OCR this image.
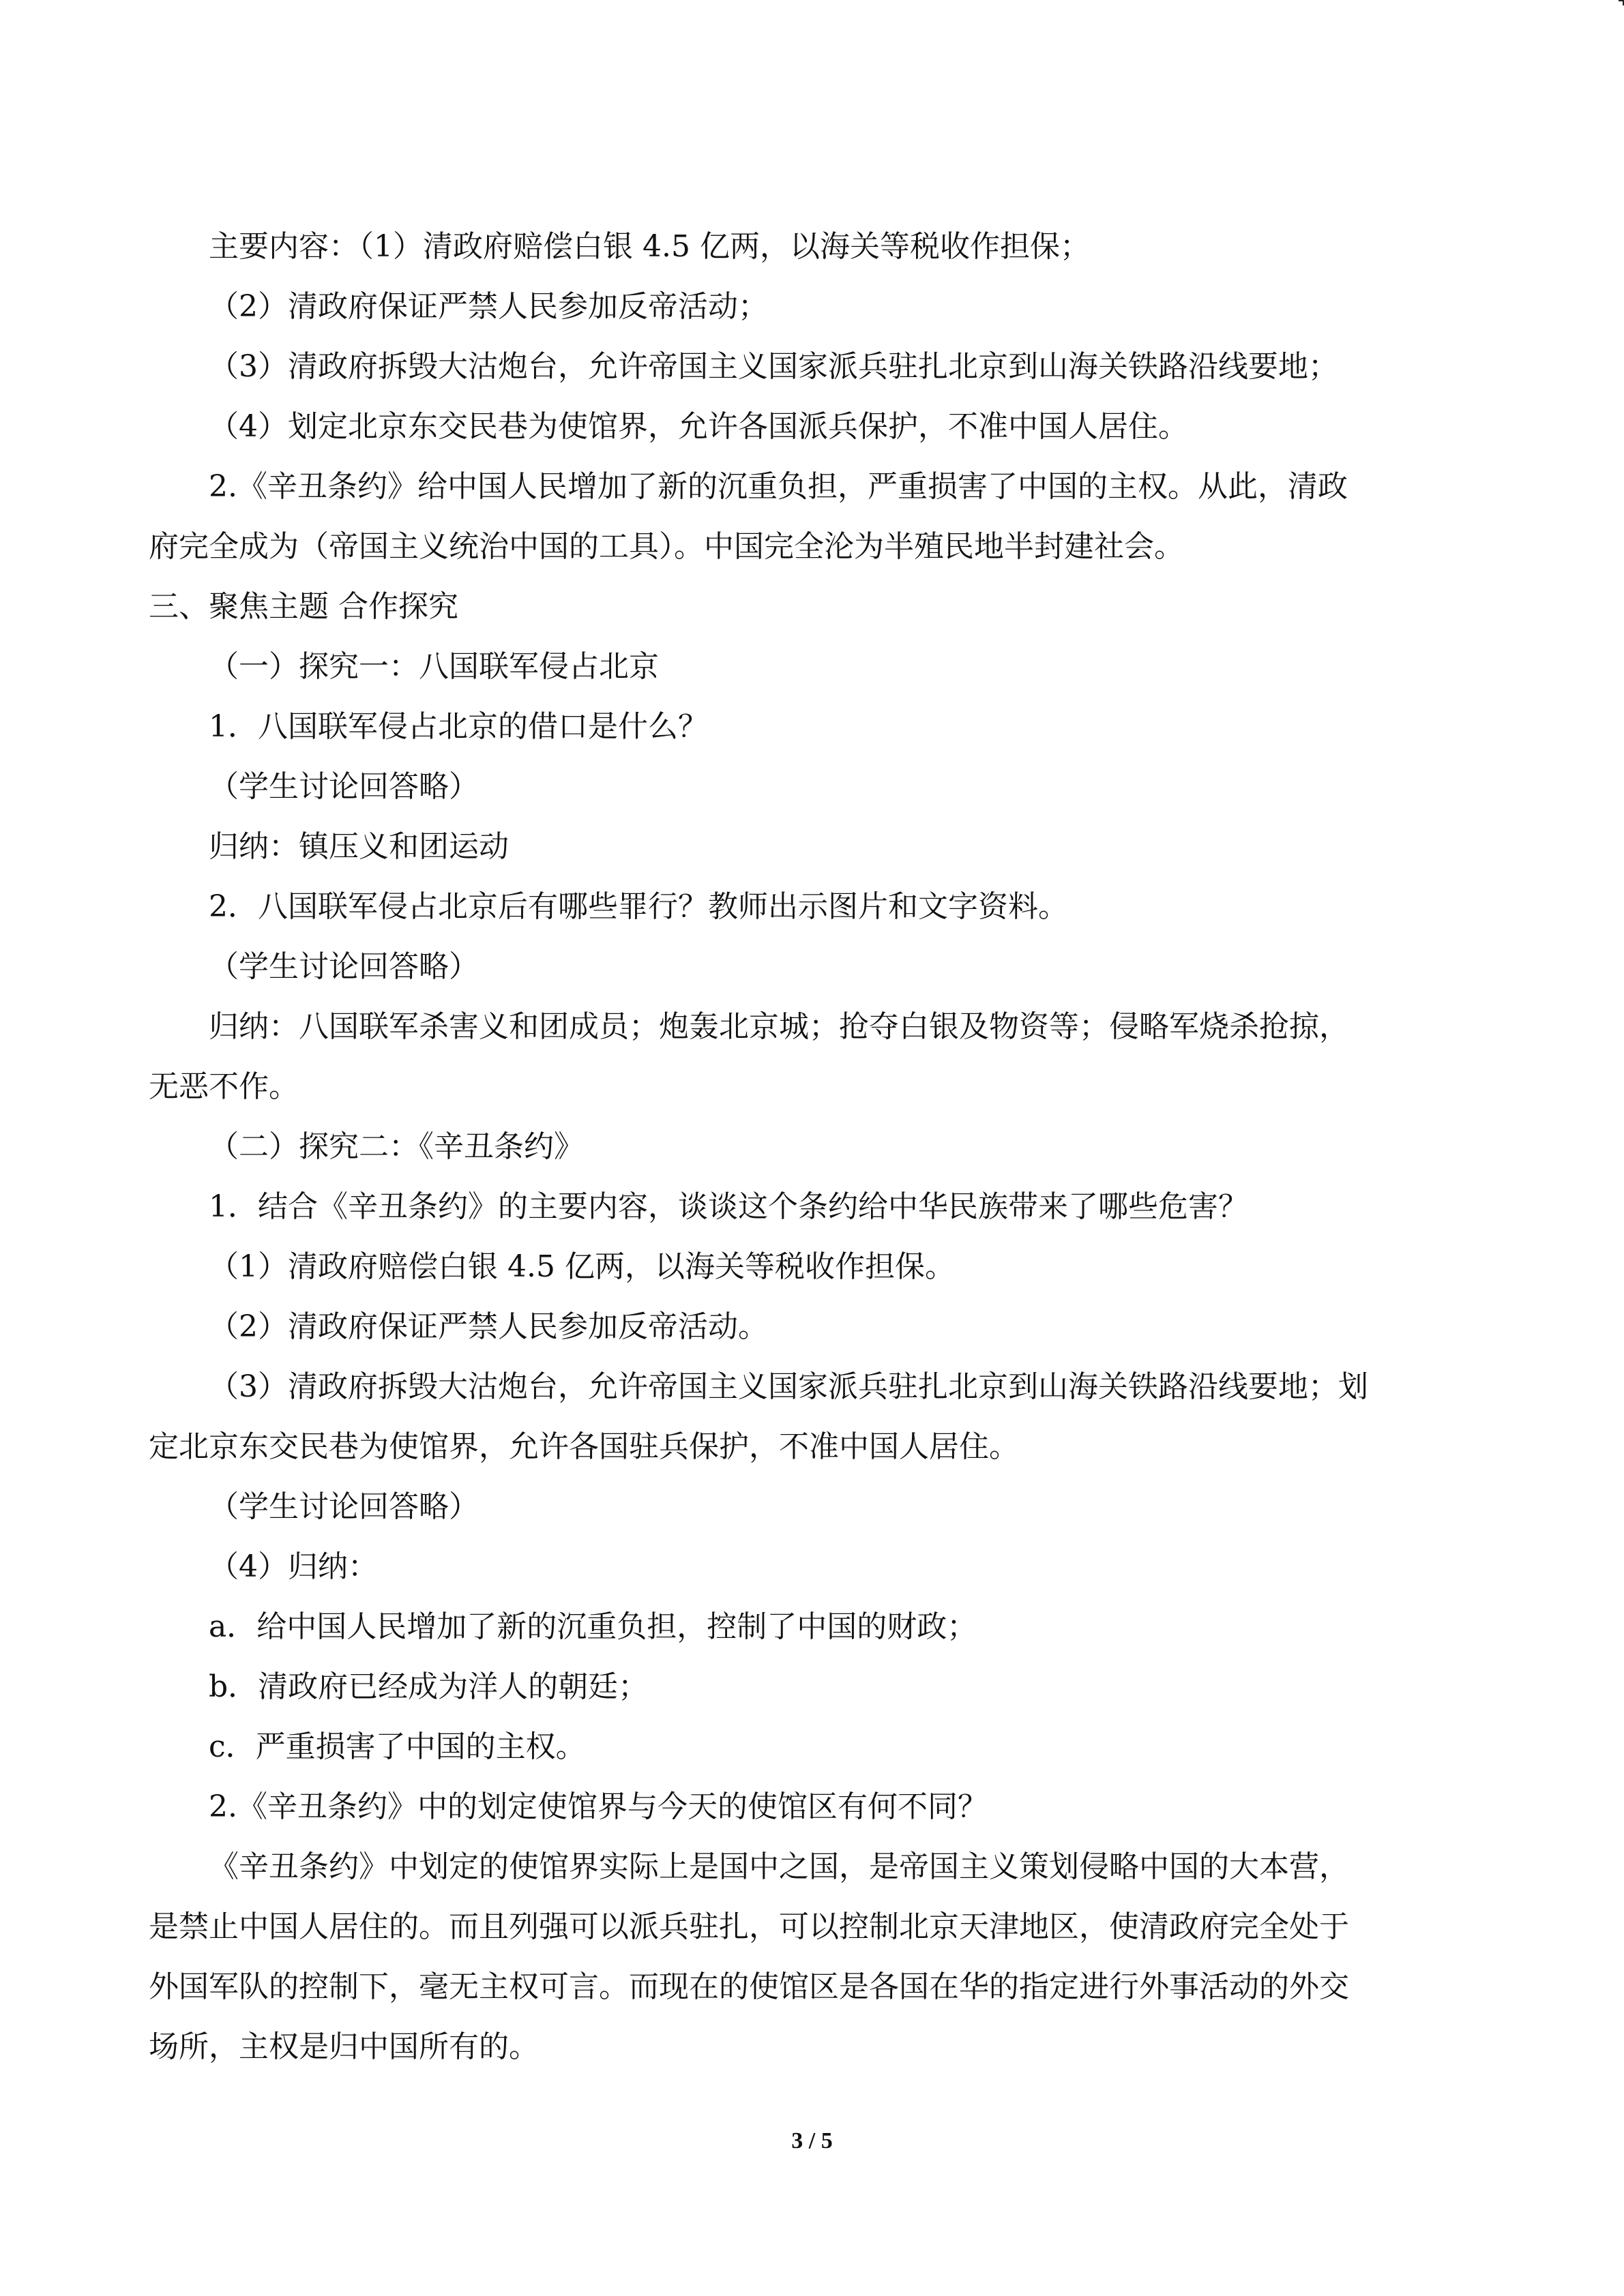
主要内容：（1）清政府赔偿白银 4.5 亿两，以海关等税收作担保；
（2）清政府保证严禁人民参加反帝活动；
（3）清政府拆毁大沽炮台，允许帝国主义国家派兵驻扎北京到山海关铁路沿线要地；
（4）划定北京东交民巷为使馆界，允许各国派兵保护，不准中国人居住。
2.《辛丑条约》给中国人民增加了新的沉重负担，严重损害了中国的主权。从此，清政
府完全成为（帝国主义统治中国的工具）。中国完全沦为半殖民地半封建社会。
三、聚焦主题 合作探究
（一）探究一：八国联军侵占北京
1．八国联军侵占北京的借口是什么？
（学生讨论回答略）
归纳：镇压义和团运动
2．八国联军侵占北京后有哪些罪行？教师出示图片和文字资料。
（学生讨论回答略）
归纳：八国联军杀害义和团成员；炮轰北京城；抢夺白银及物资等；侵略军烧杀抢掠，
无恶不作。
（二）探究二：《辛丑条约》
1．结合《辛丑条约》的主要内容，谈谈这个条约给中华民族带来了哪些危害？
（1）清政府赔偿白银 4.5 亿两，以海关等税收作担保。
（2）清政府保证严禁人民参加反帝活动。
（3）清政府拆毁大沽炮台，允许帝国主义国家派兵驻扎北京到山海关铁路沿线要地；划
定北京东交民巷为使馆界，允许各国驻兵保护，不准中国人居住。
（学生讨论回答略）
（4）归纳：
a．给中国人民增加了新的沉重负担，控制了中国的财政；
b．清政府已经成为洋人的朝廷；
c．严重损害了中国的主权。
2.《辛丑条约》中的划定使馆界与今天的使馆区有何不同？
《辛丑条约》中划定的使馆界实际上是国中之国，是帝国主义策划侵略中国的大本营，
是禁止中国人居住的。而且列强可以派兵驻扎，可以控制北京天津地区，使清政府完全处于
外国军队的控制下，毫无主权可言。而现在的使馆区是各国在华的指定进行外事活动的外交
场所，主权是归中国所有的。
3 / 5
